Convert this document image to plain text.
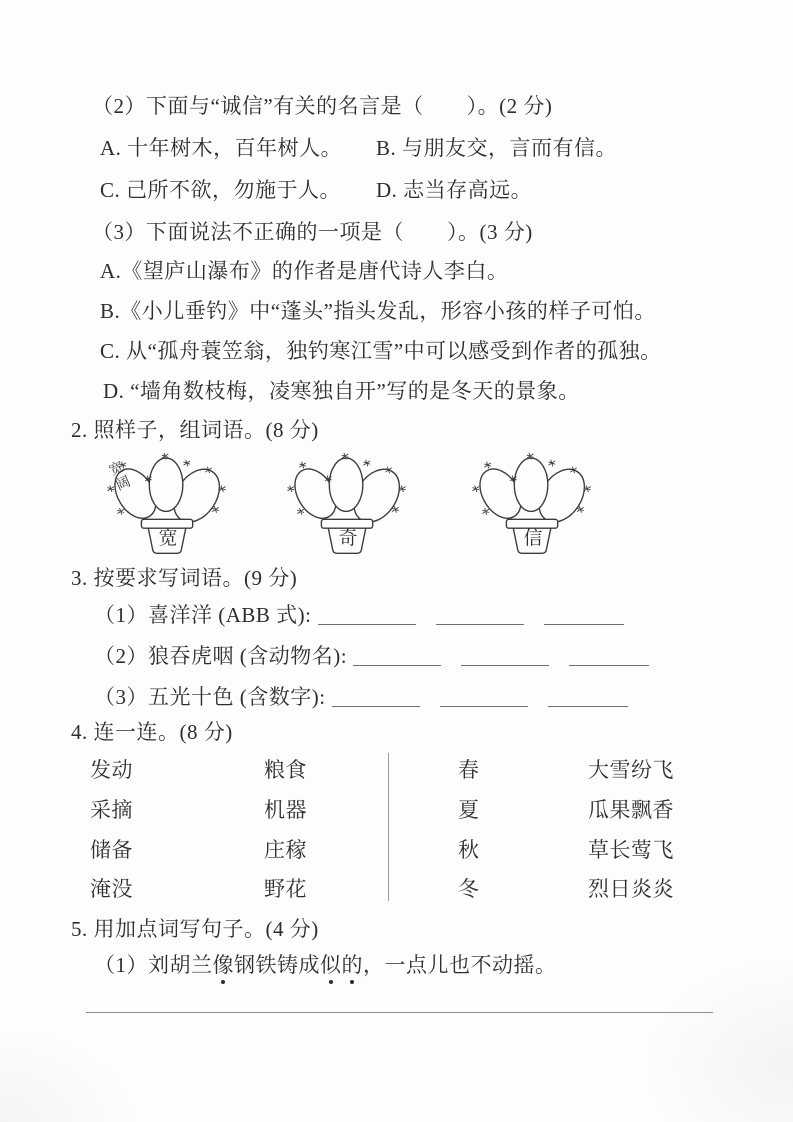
（2）下面与“诚信”有关的名言是（　　）。(2 分)
A. 十年树木，百年树人。 B. 与朋友交，言而有信。
C. 己所不欲，勿施于人。 D. 志当存高远。
（3）下面说法不正确的一项是（　　）。(3 分)
A.《望庐山瀑布》的作者是唐代诗人李白。
B.《小儿垂钓》中“蓬头”指头发乱，形容小孩的样子可怕。
C. 从“孤舟蓑笠翁，独钓寒江雪”中可以感受到作者的孤独。
D. “墙角数枝梅，凌寒独自开”写的是冬天的景象。
2. 照样子，组词语。(8 分)
宽阔
宽	奇	信
3. 按要求写词语。(9 分)
（1）喜洋洋 (ABB 式):
（2）狼吞虎咽 (含动物名):
（3）五光十色 (含数字):
4. 连一连。(8 分)
发动
采摘
储备
淹没
粮食
机器
庄稼
野花
春
夏
秋
冬
大雪纷飞
瓜果飘香
草长莺飞
烈日炎炎
5. 用加点词写句子。(4 分)
（1）刘胡兰像钢铁铸成似的，一点儿也不动摇。
